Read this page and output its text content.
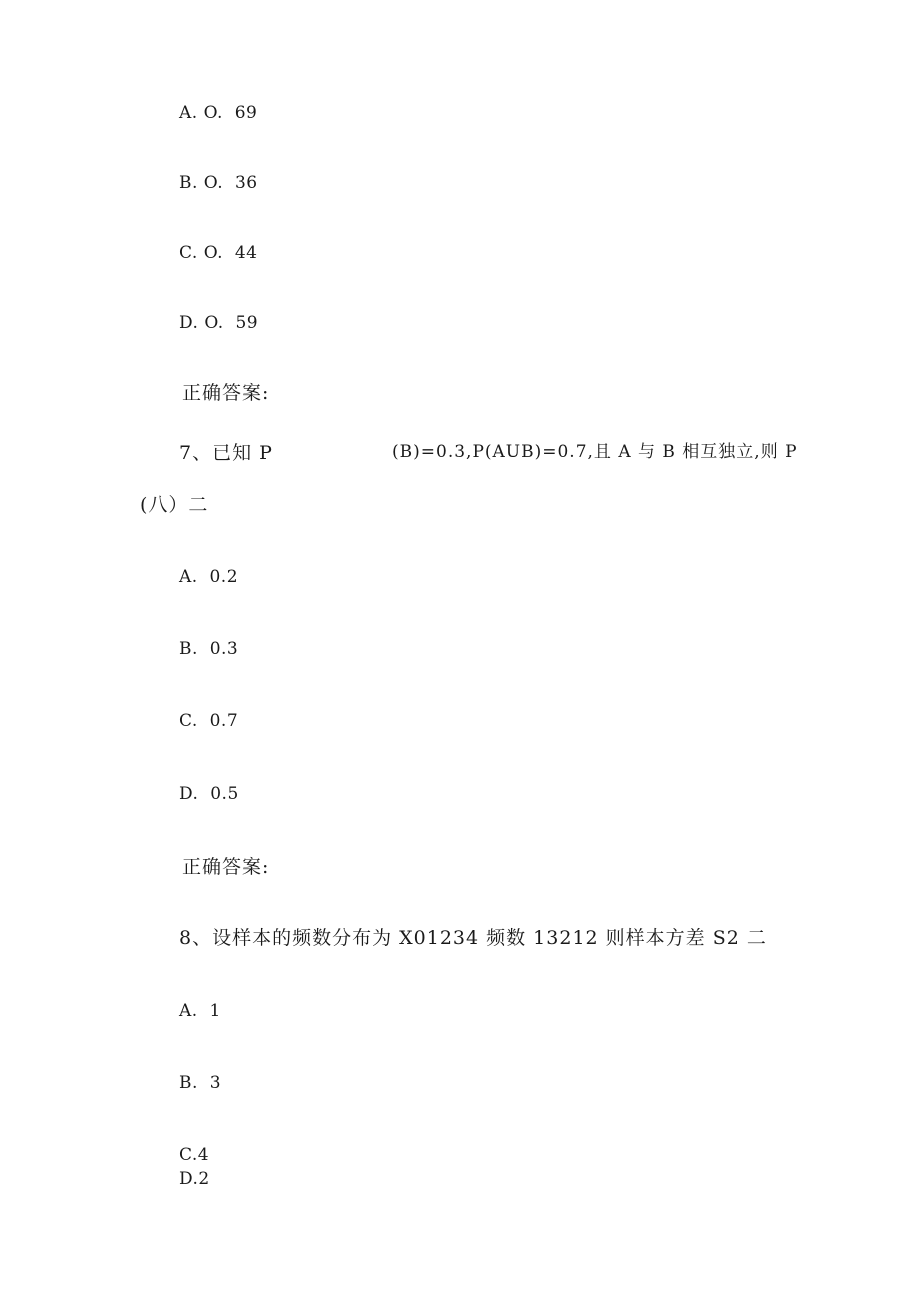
A. O.  69
B. O.  36
C. O.  44
D. O.  59
正确答案:
7、已知 P	(B)=0.3,P(AUB)=0.7,且 A 与 B 相互独立,则 P
(八）二
A.  0.2
B.  0.3
C.  0.7
D.  0.5
正确答案:
8、设样本的频数分布为 X01234 频数 13212 则样本方差 S2 二
A.  1
B.  3
C.4
D.2
